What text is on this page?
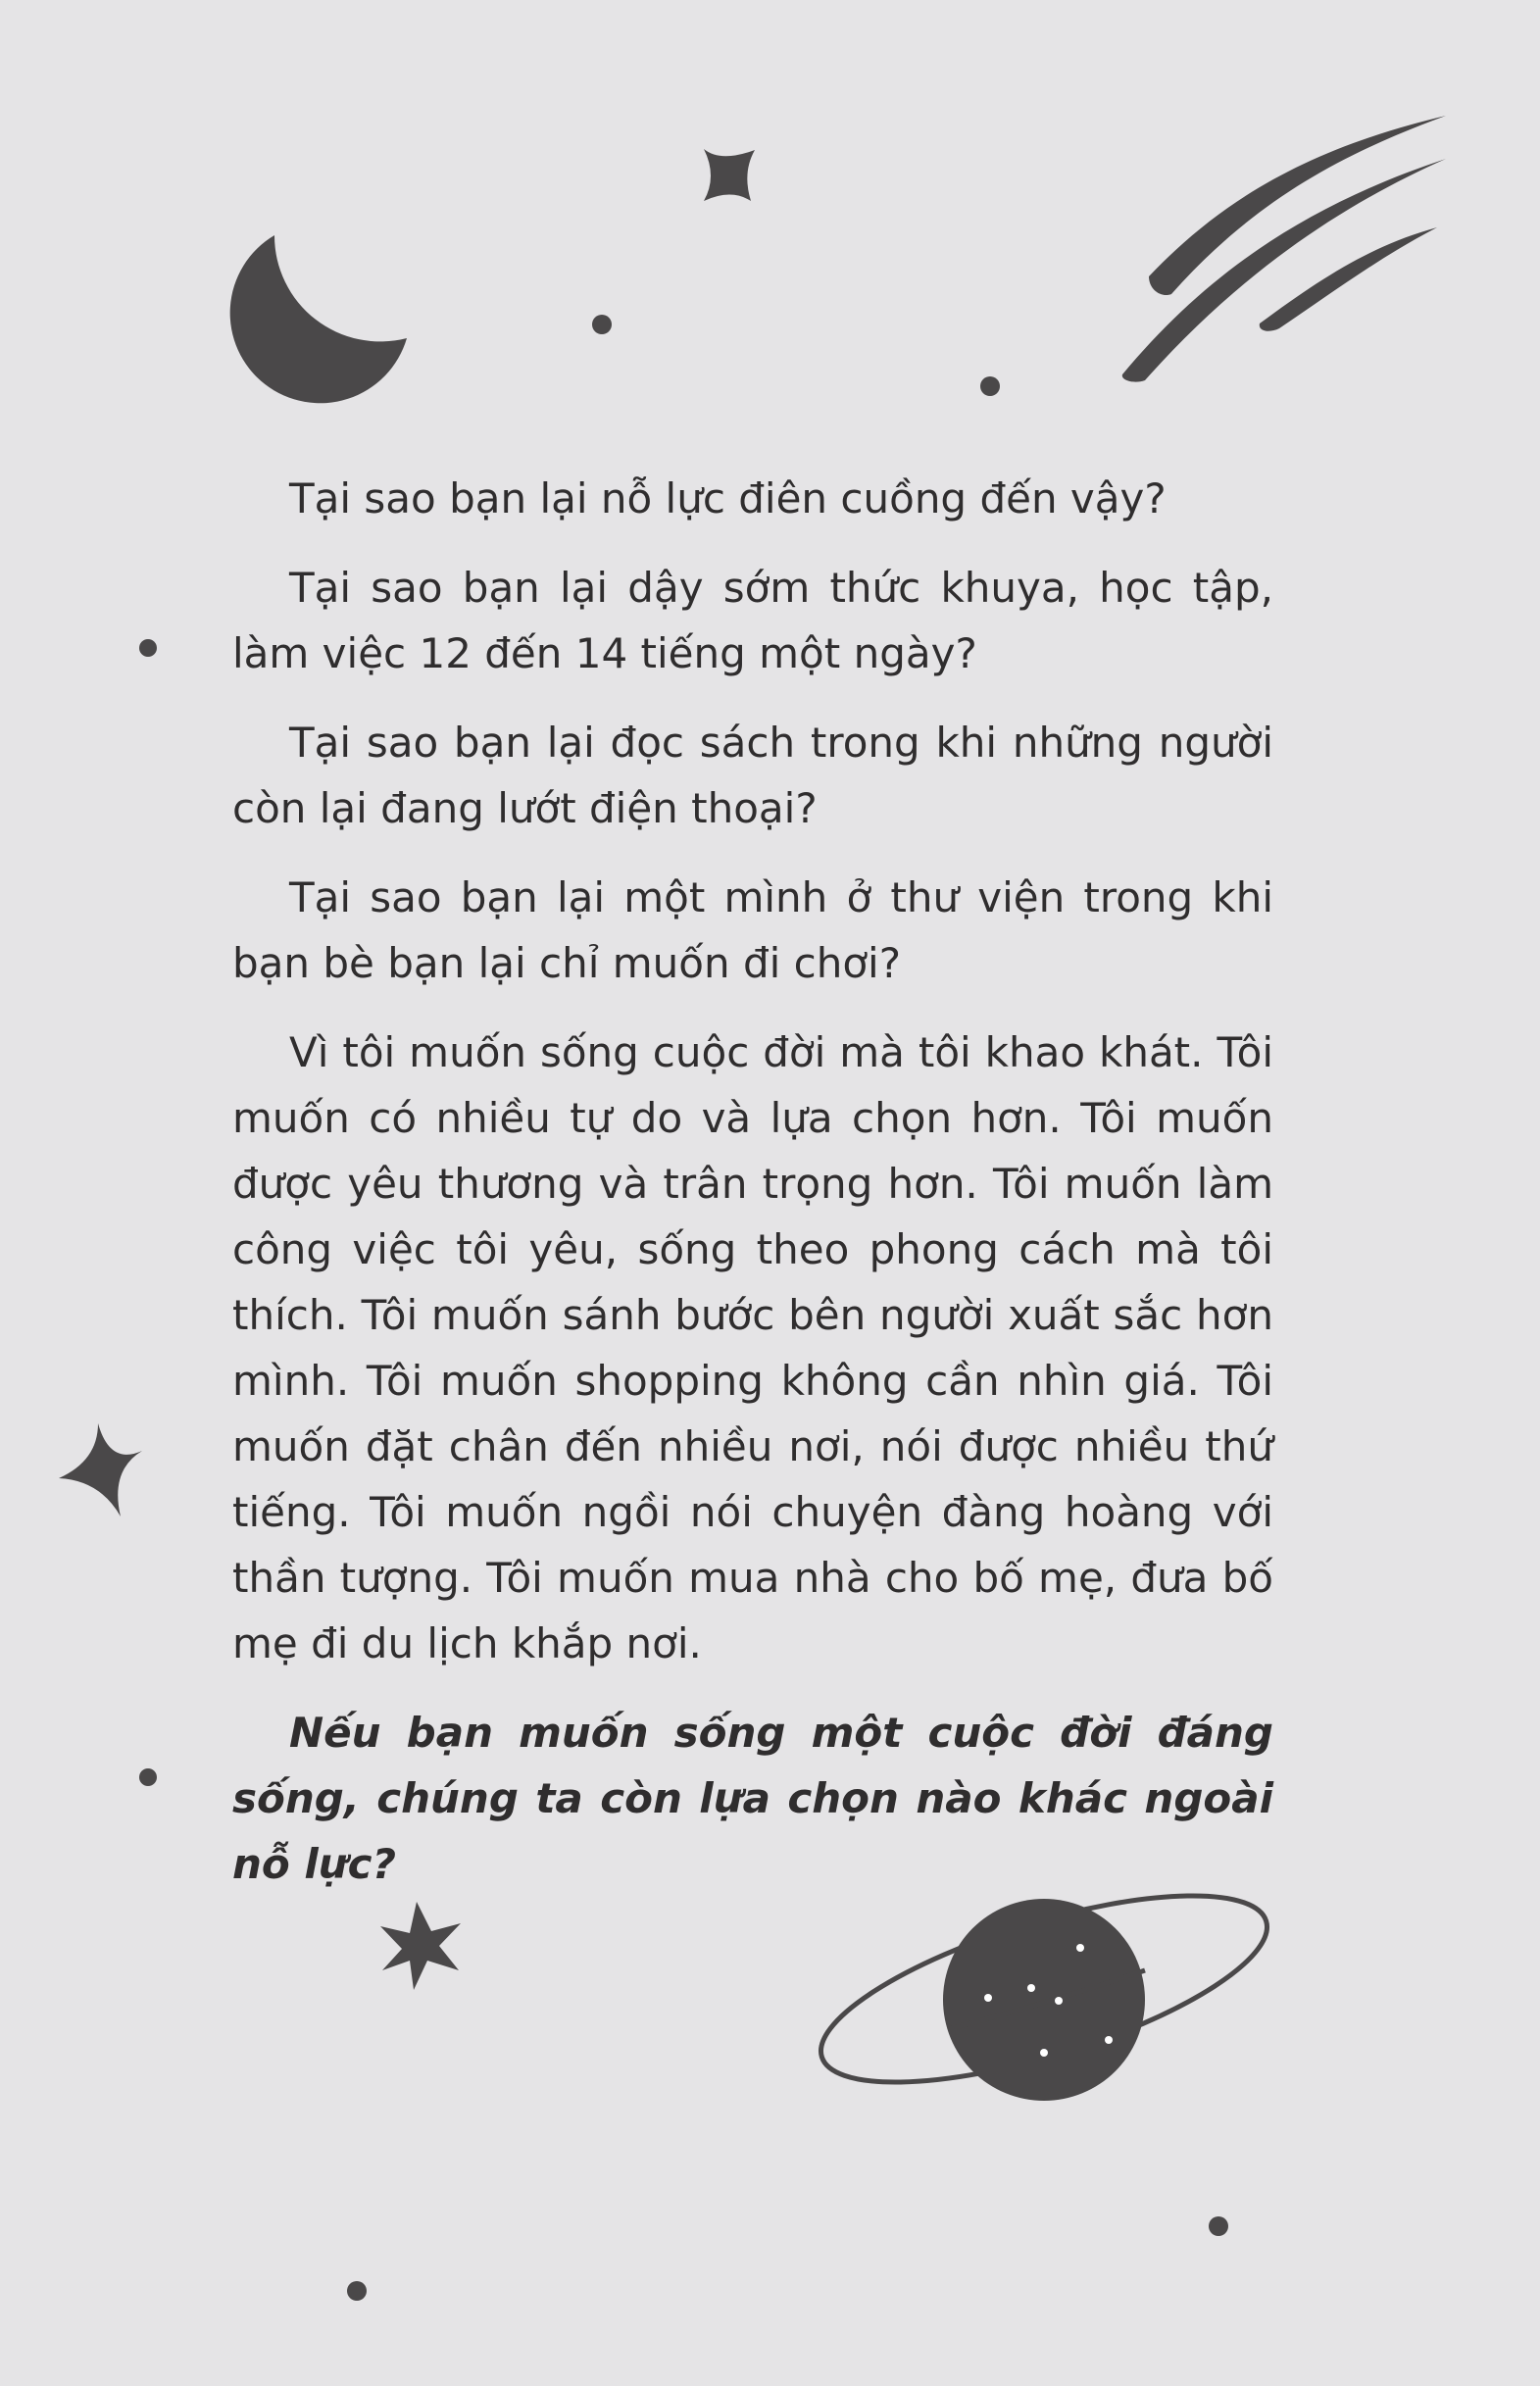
Tại sao bạn lại nỗ lực điên cuồng đến vậy?

Tại sao bạn lại dậy sớm thức khuya, học tập, làm việc 12 đến 14 tiếng một ngày?

Tại sao bạn lại đọc sách trong khi những người còn lại đang lướt điện thoại?

Tại sao bạn lại một mình ở thư viện trong khi bạn bè bạn lại chỉ muốn đi chơi?

Vì tôi muốn sống cuộc đời mà tôi khao khát. Tôi muốn có nhiều tự do và lựa chọn hơn. Tôi muốn được yêu thương và trân trọng hơn. Tôi muốn làm công việc tôi yêu, sống theo phong cách mà tôi thích. Tôi muốn sánh bước bên người xuất sắc hơn mình. Tôi muốn shopping không cần nhìn giá. Tôi muốn đặt chân đến nhiều nơi, nói được nhiều thứ tiếng. Tôi muốn ngồi nói chuyện đàng hoàng với thần tượng. Tôi muốn mua nhà cho bố mẹ, đưa bố mẹ đi du lịch khắp nơi.

Nếu bạn muốn sống một cuộc đời đáng sống, chúng ta còn lựa chọn nào khác ngoài nỗ lực?
